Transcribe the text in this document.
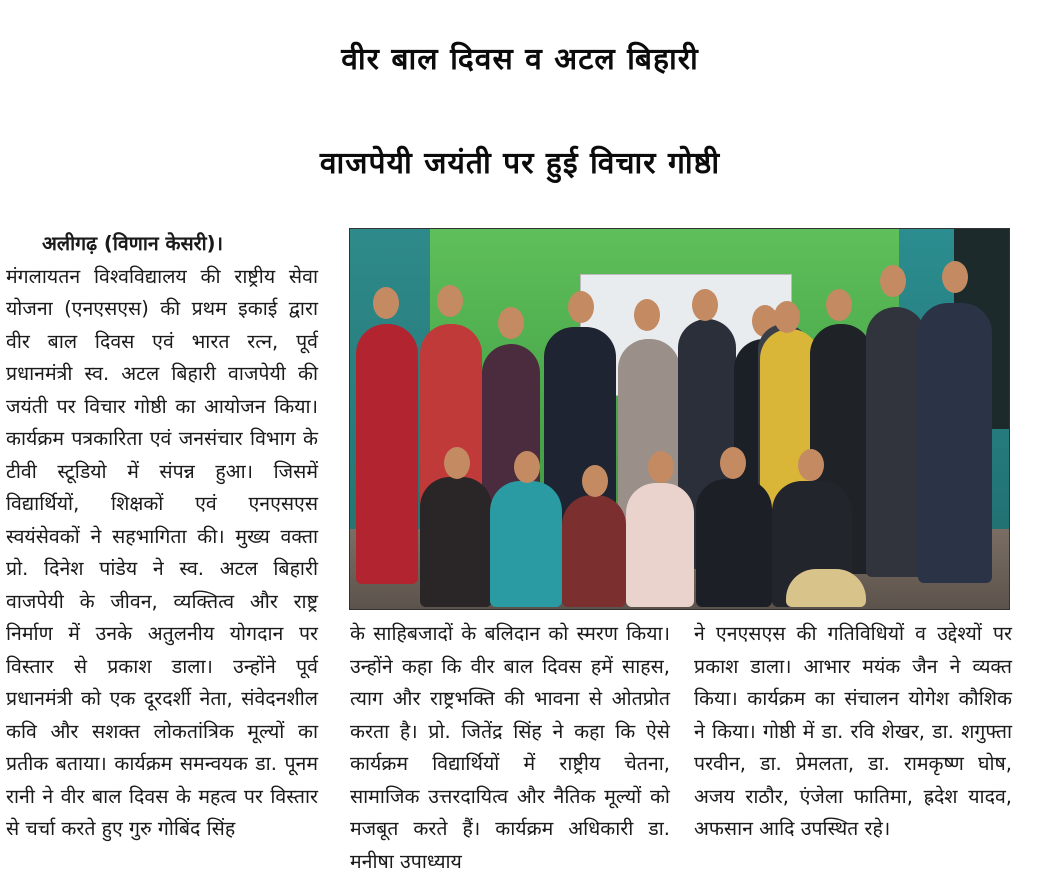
वीर बाल दिवस व अटल बिहारी
वाजपेयी जयंती पर हुई विचार गोष्ठी

अलीगढ़ (विणान केसरी)।

मंगलायतन विश्वविद्यालय की राष्ट्रीय सेवा योजना (एनएसएस) की प्रथम इकाई द्वारा वीर बाल दिवस एवं भारत रत्न, पूर्व प्रधानमंत्री स्व. अटल बिहारी वाजपेयी की जयंती पर विचार गोष्ठी का आयोजन किया। कार्यक्रम पत्रकारिता एवं जनसंचार विभाग के टीवी स्टूडियो में संपन्न हुआ। जिसमें विद्यार्थियों, शिक्षकों एवं एनएसएस स्वयंसेवकों ने सहभागिता की। मुख्य वक्ता प्रो. दिनेश पांडेय ने स्व. अटल बिहारी वाजपेयी के जीवन, व्यक्तित्व और राष्ट्र निर्माण में उनके अतुलनीय योगदान पर विस्तार से प्रकाश डाला। उन्होंने पूर्व प्रधानमंत्री को एक दूरदर्शी नेता, संवेदनशील कवि और सशक्त लोकतांत्रिक मूल्यों का प्रतीक बताया। कार्यक्रम समन्वयक डा. पूनम रानी ने वीर बाल दिवस के महत्व पर विस्तार से चर्चा करते हुए गुरु गोबिंद सिंह

के साहिबजादों के बलिदान को स्मरण किया। उन्होंने कहा कि वीर बाल दिवस हमें साहस, त्याग और राष्ट्रभक्ति की भावना से ओतप्रोत करता है। प्रो. जितेंद्र सिंह ने कहा कि ऐसे कार्यक्रम विद्यार्थियों में राष्ट्रीय चेतना, सामाजिक उत्तरदायित्व और नैतिक मूल्यों को मजबूत करते हैं। कार्यक्रम अधिकारी डा. मनीषा उपाध्याय

ने एनएसएस की गतिविधियों व उद्देश्यों पर प्रकाश डाला। आभार मयंक जैन ने व्यक्त किया। कार्यक्रम का संचालन योगेश कौशिक ने किया। गोष्ठी में डा. रवि शेखर, डा. शगुफ्ता परवीन, डा. प्रेमलता, डा. रामकृष्ण घोष, अजय राठौर, एंजेला फातिमा, ह्रदेश यादव, अफसान आदि उपस्थित रहे।
